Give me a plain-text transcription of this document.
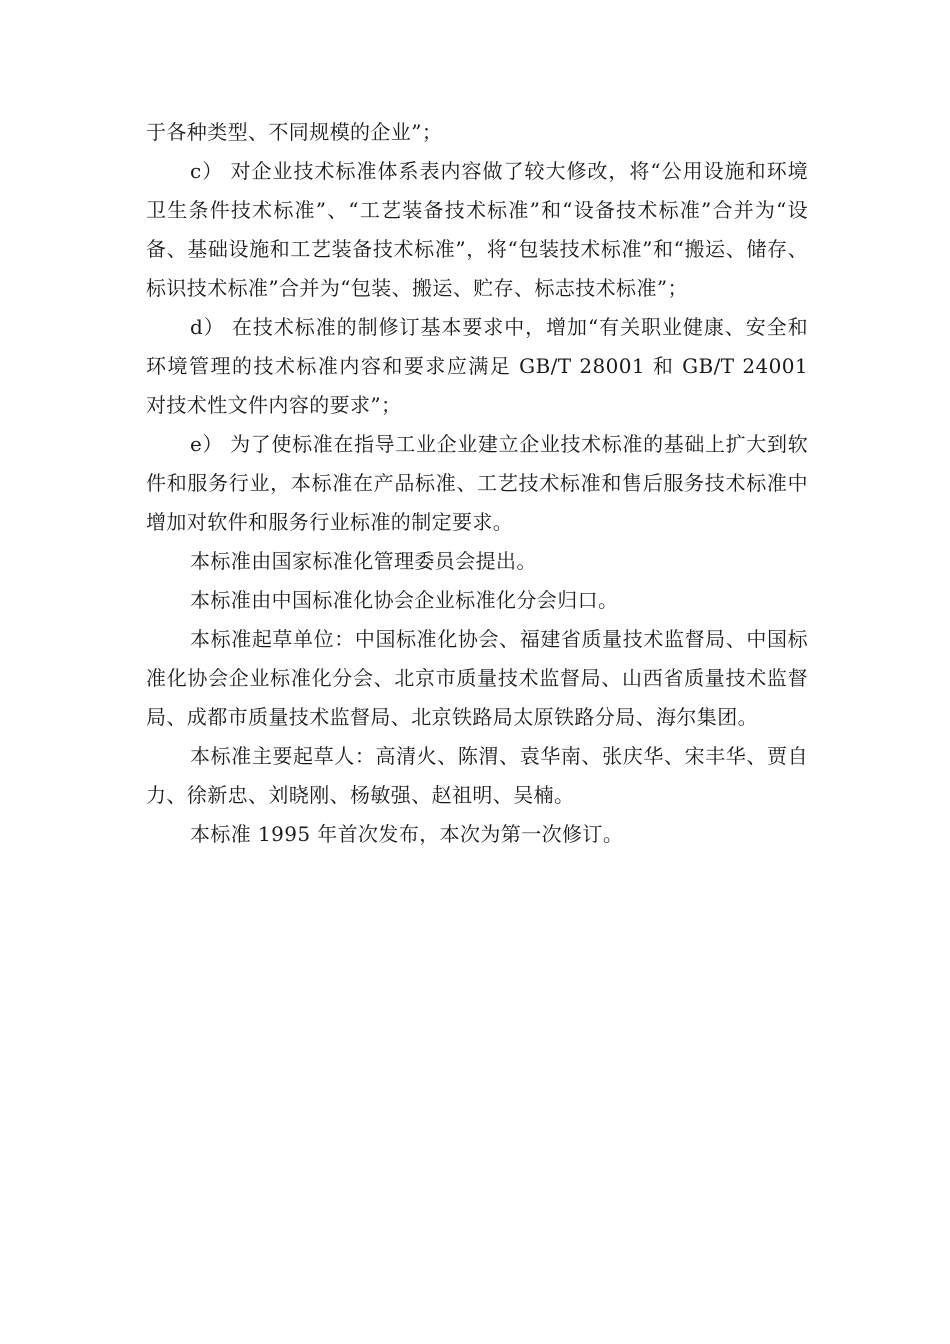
于各种类型、不同规模的企业”；

c） 对企业技术标准体系表内容做了较大修改，将“公用设施和环境卫生条件技术标准”、“工艺装备技术标准”和“设备技术标准”合并为“设备、基础设施和工艺装备技术标准”，将“包装技术标准”和“搬运、储存、标识技术标准”合并为“包装、搬运、贮存、标志技术标准”；

d） 在技术标准的制修订基本要求中，增加“有关职业健康、安全和环境管理的技术标准内容和要求应满足 GB/T 28001 和 GB/T 24001 对技术性文件内容的要求”；

e） 为了使标准在指导工业企业建立企业技术标准的基础上扩大到软件和服务行业，本标准在产品标准、工艺技术标准和售后服务技术标准中增加对软件和服务行业标准的制定要求。

本标准由国家标准化管理委员会提出。

本标准由中国标准化协会企业标准化分会归口。

本标准起草单位：中国标准化协会、福建省质量技术监督局、中国标准化协会企业标准化分会、北京市质量技术监督局、山西省质量技术监督局、成都市质量技术监督局、北京铁路局太原铁路分局、海尔集团。

本标准主要起草人：高清火、陈渭、袁华南、张庆华、宋丰华、贾自力、徐新忠、刘晓刚、杨敏强、赵祖明、吴楠。

本标准 1995 年首次发布，本次为第一次修订。
